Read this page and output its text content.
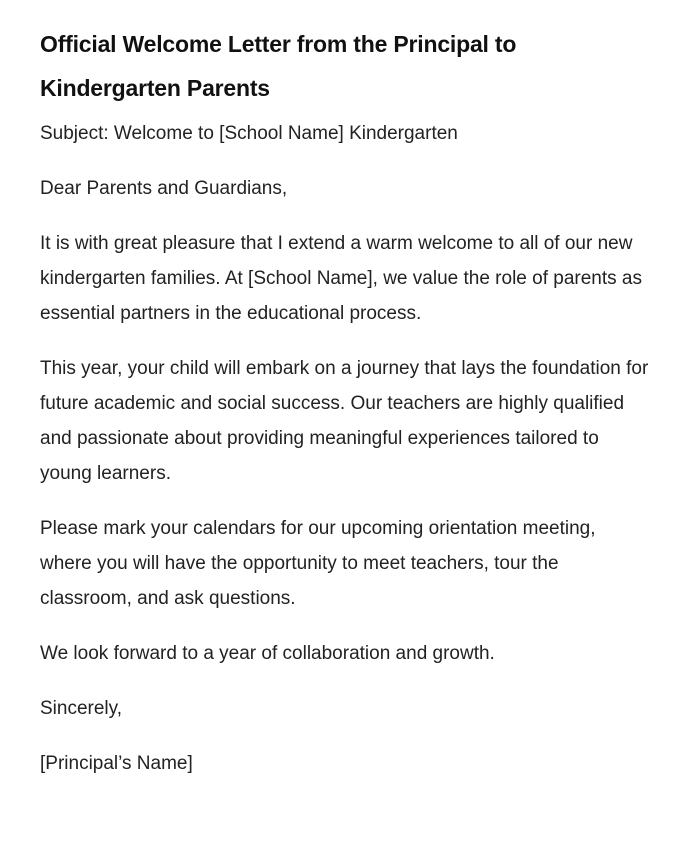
Official Welcome Letter from the Principal to Kindergarten Parents

Subject: Welcome to [School Name] Kindergarten

Dear Parents and Guardians,

It is with great pleasure that I extend a warm welcome to all of our new kindergarten families. At [School Name], we value the role of parents as essential partners in the educational process.

This year, your child will embark on a journey that lays the foundation for future academic and social success. Our teachers are highly qualified and passionate about providing meaningful experiences tailored to young learners.

Please mark your calendars for our upcoming orientation meeting, where you will have the opportunity to meet teachers, tour the classroom, and ask questions.

We look forward to a year of collaboration and growth.

Sincerely,

[Principal’s Name]
